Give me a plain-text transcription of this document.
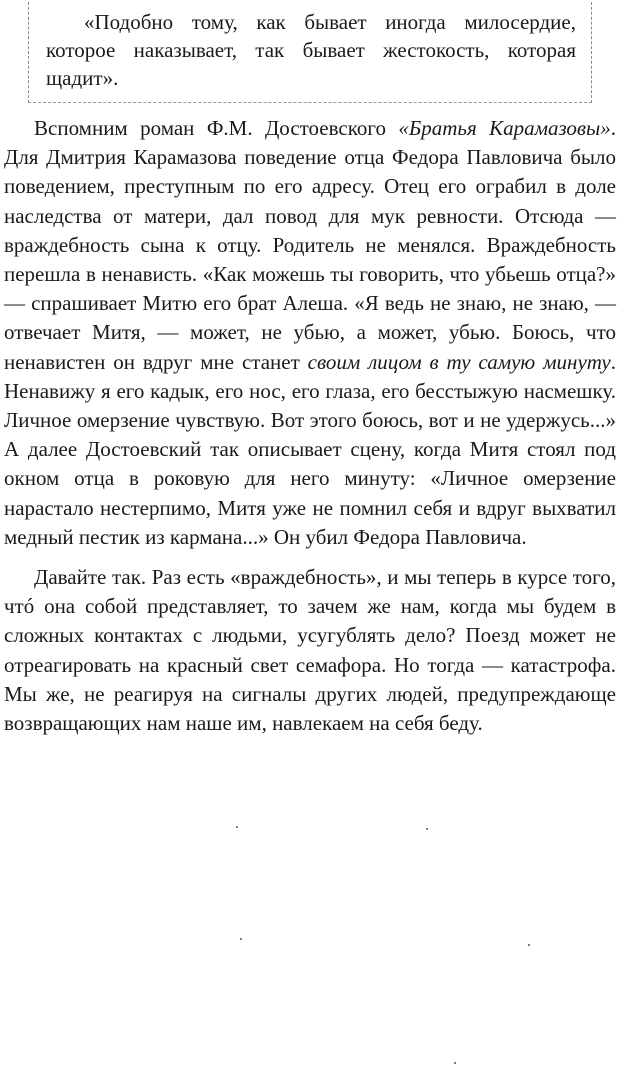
«Подобно тому, как бывает иногда милосердие, которое наказывает, так бывает жестокость, которая щадит».

Вспомним роман Ф.М. Достоевского «Братья Карамазовы». Для Дмитрия Карамазова поведение отца Федора Павловича было поведением, преступным по его адресу. Отец его ограбил в доле наследства от матери, дал повод для мук ревности. Отсюда — враждебность сына к отцу. Родитель не менялся. Враждебность перешла в ненависть. «Как можешь ты говорить, что убьешь отца?» — спрашивает Митю его брат Алеша. «Я ведь не знаю, не знаю, — отвечает Митя, — может, не убью, а может, убью. Боюсь, что ненавистен он вдруг мне станет своим лицом в ту самую минуту. Ненавижу я его кадык, его нос, его глаза, его бесстыжую насмешку. Личное омерзение чувствую. Вот этого боюсь, вот и не удержусь...» А далее Достоевский так описывает сцену, когда Митя стоял под окном отца в роковую для него минуту: «Личное омерзение нарастало нестерпимо, Митя уже не помнил себя и вдруг выхватил медный пестик из кармана...» Он убил Федора Павловича.

Давайте так. Раз есть «враждебность», и мы теперь в курсе того, чтó она собой представляет, то зачем же нам, когда мы будем в сложных контактах с людьми, усугублять дело? Поезд может не отреагировать на красный свет семафора. Но тогда — катастрофа. Мы же, не реагируя на сигналы других людей, предупреждающе возвращающих нам наше им, навлекаем на себя беду.
